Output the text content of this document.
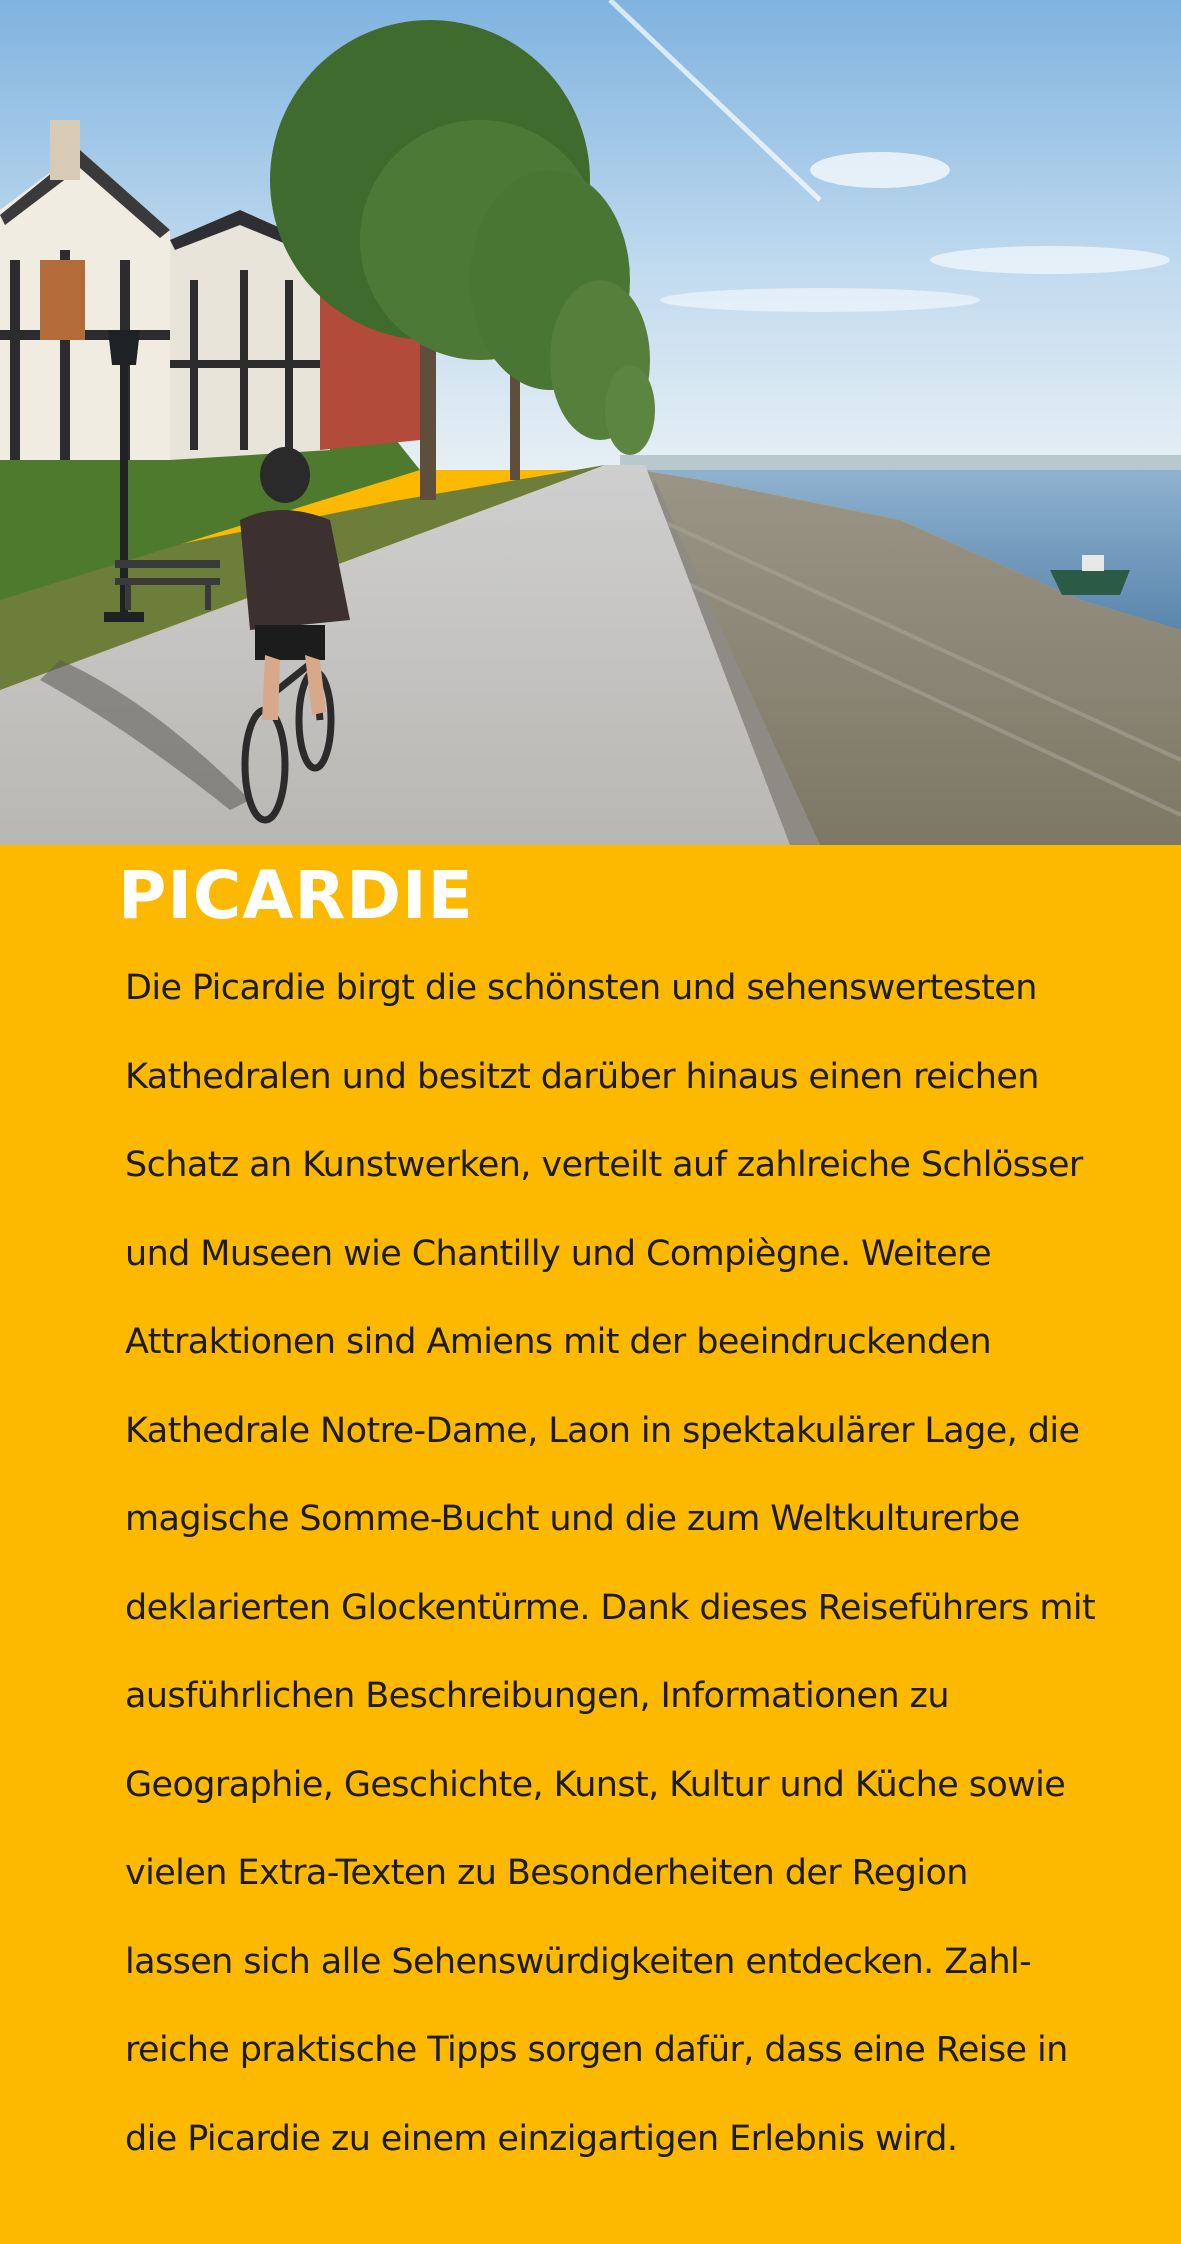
PICARDIE

Die Picardie birgt die schönsten und sehenswertesten
Kathedralen und besitzt darüber hinaus einen reichen
Schatz an Kunstwerken, verteilt auf zahlreiche Schlösser
und Museen wie Chantilly und Compiègne. Weitere
Attraktionen sind Amiens mit der beeindruckenden
Kathedrale Notre-Dame, Laon in spektakulärer Lage, die
magische Somme-Bucht und die zum Weltkulturerbe
deklarierten Glockentürme. Dank dieses Reiseführers mit
ausführlichen Beschreibungen, Informationen zu
Geographie, Geschichte, Kunst, Kultur und Küche sowie
vielen Extra-Texten zu Besonderheiten der Region
lassen sich alle Sehenswürdigkeiten entdecken. Zahl-
reiche praktische Tipps sorgen dafür, dass eine Reise in
die Picardie zu einem einzigartigen Erlebnis wird.
